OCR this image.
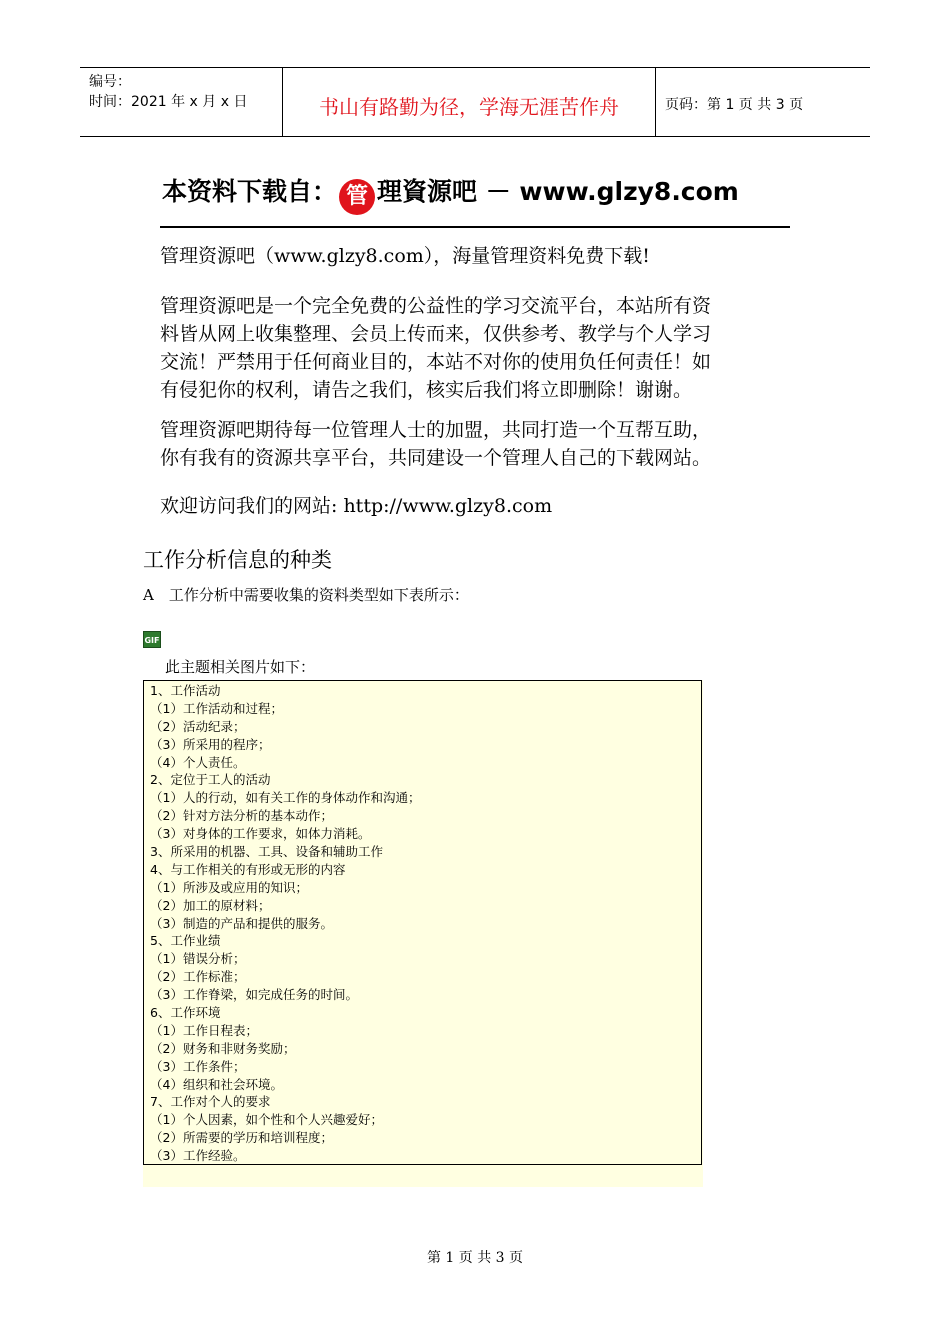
编号：
时间：2021 年 x 月 x 日	书山有路勤为径，学海无涯苦作舟	页码：第 1 页 共 3 页
本资料下载自： 管 理資源吧 － www.glzy8.com
管理资源吧（www.glzy8.com），海量管理资料免费下载!
管理资源吧是一个完全免费的公益性的学习交流平台，本站所有资
料皆从网上收集整理、会员上传而来，仅供参考、教学与个人学习
交流！严禁用于任何商业目的，本站不对你的使用负任何责任！如
有侵犯你的权利，请告之我们，核实后我们将立即删除！谢谢。
管理资源吧期待每一位管理人士的加盟，共同打造一个互帮互助，
你有我有的资源共享平台，共同建设一个管理人自己的下载网站。
欢迎访问我们的网站: http://www.glzy8.com
工作分析信息的种类
A　工作分析中需要收集的资料类型如下表所示：
GIF
此主题相关图片如下：
1、工作活动
（1）工作活动和过程；
（2）活动纪录；
（3）所采用的程序；
（4）个人责任。
2、定位于工人的活动
（1）人的行动，如有关工作的身体动作和沟通；
（2）针对方法分析的基本动作；
（3）对身体的工作要求，如体力消耗。
3、所采用的机器、工具、设备和辅助工作
4、与工作相关的有形或无形的内容
（1）所涉及或应用的知识；
（2）加工的原材料；
（3）制造的产品和提供的服务。
5、工作业绩
（1）错误分析；
（2）工作标准；
（3）工作脊梁，如完成任务的时间。
6、工作环境
（1）工作日程表；
（2）财务和非财务奖励；
（3）工作条件；
（4）组织和社会环境。
7、工作对个人的要求
（1）个人因素，如个性和个人兴趣爱好；
（2）所需要的学历和培训程度；
（3）工作经验。
第 1 页 共 3 页
